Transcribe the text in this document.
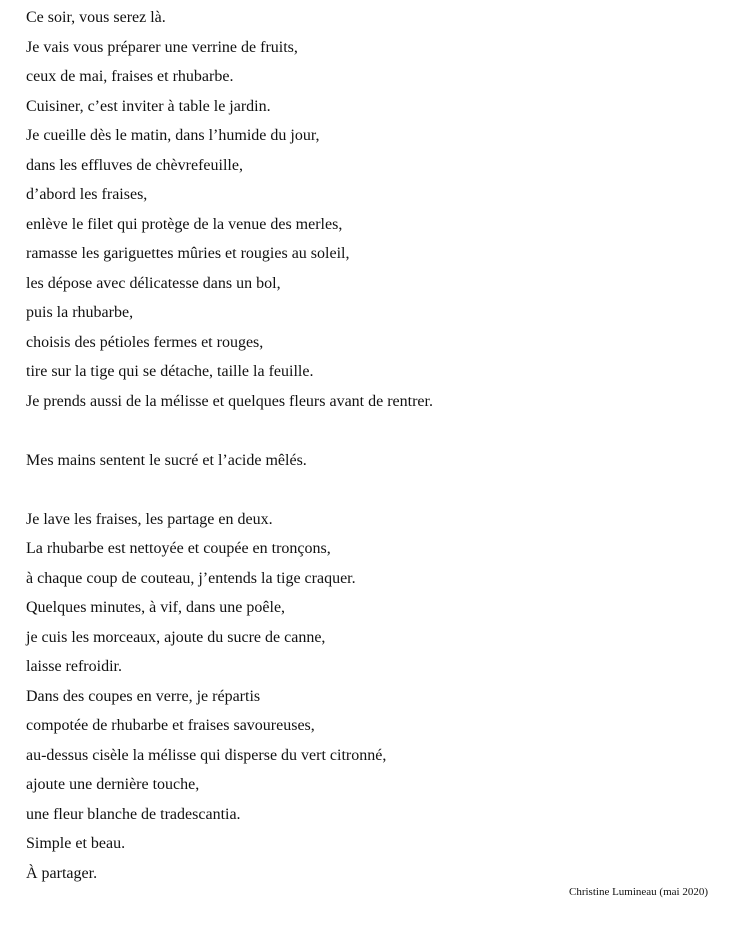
Ce soir, vous serez là.
Je vais vous préparer une verrine de fruits,
ceux de mai, fraises et rhubarbe.
Cuisiner, c’est inviter à table le jardin.
Je cueille dès le matin, dans l’humide du jour,
dans les effluves de chèvrefeuille,
d’abord les fraises,
enlève le filet qui protège de la venue des merles,
ramasse les gariguettes mûries et rougies au soleil,
les dépose avec délicatesse dans un bol,
puis la rhubarbe,
choisis des pétioles fermes et rouges,
tire sur la tige qui se détache, taille la feuille.
Je prends aussi de la mélisse et quelques fleurs avant de rentrer.
Mes mains sentent le sucré et l’acide mêlés.
Je lave les fraises, les partage en deux.
La rhubarbe est nettoyée et coupée en tronçons,
à chaque coup de couteau, j’entends la tige craquer.
Quelques minutes, à vif, dans une poêle,
je cuis les morceaux, ajoute du sucre de canne,
laisse refroidir.
Dans des coupes en verre, je répartis
compotée de rhubarbe et fraises savoureuses,
au-dessus cisèle la mélisse qui disperse du vert citronné,
ajoute une dernière touche,
une fleur blanche de tradescantia.
Simple et beau.
À partager.
Christine Lumineau (mai 2020)
